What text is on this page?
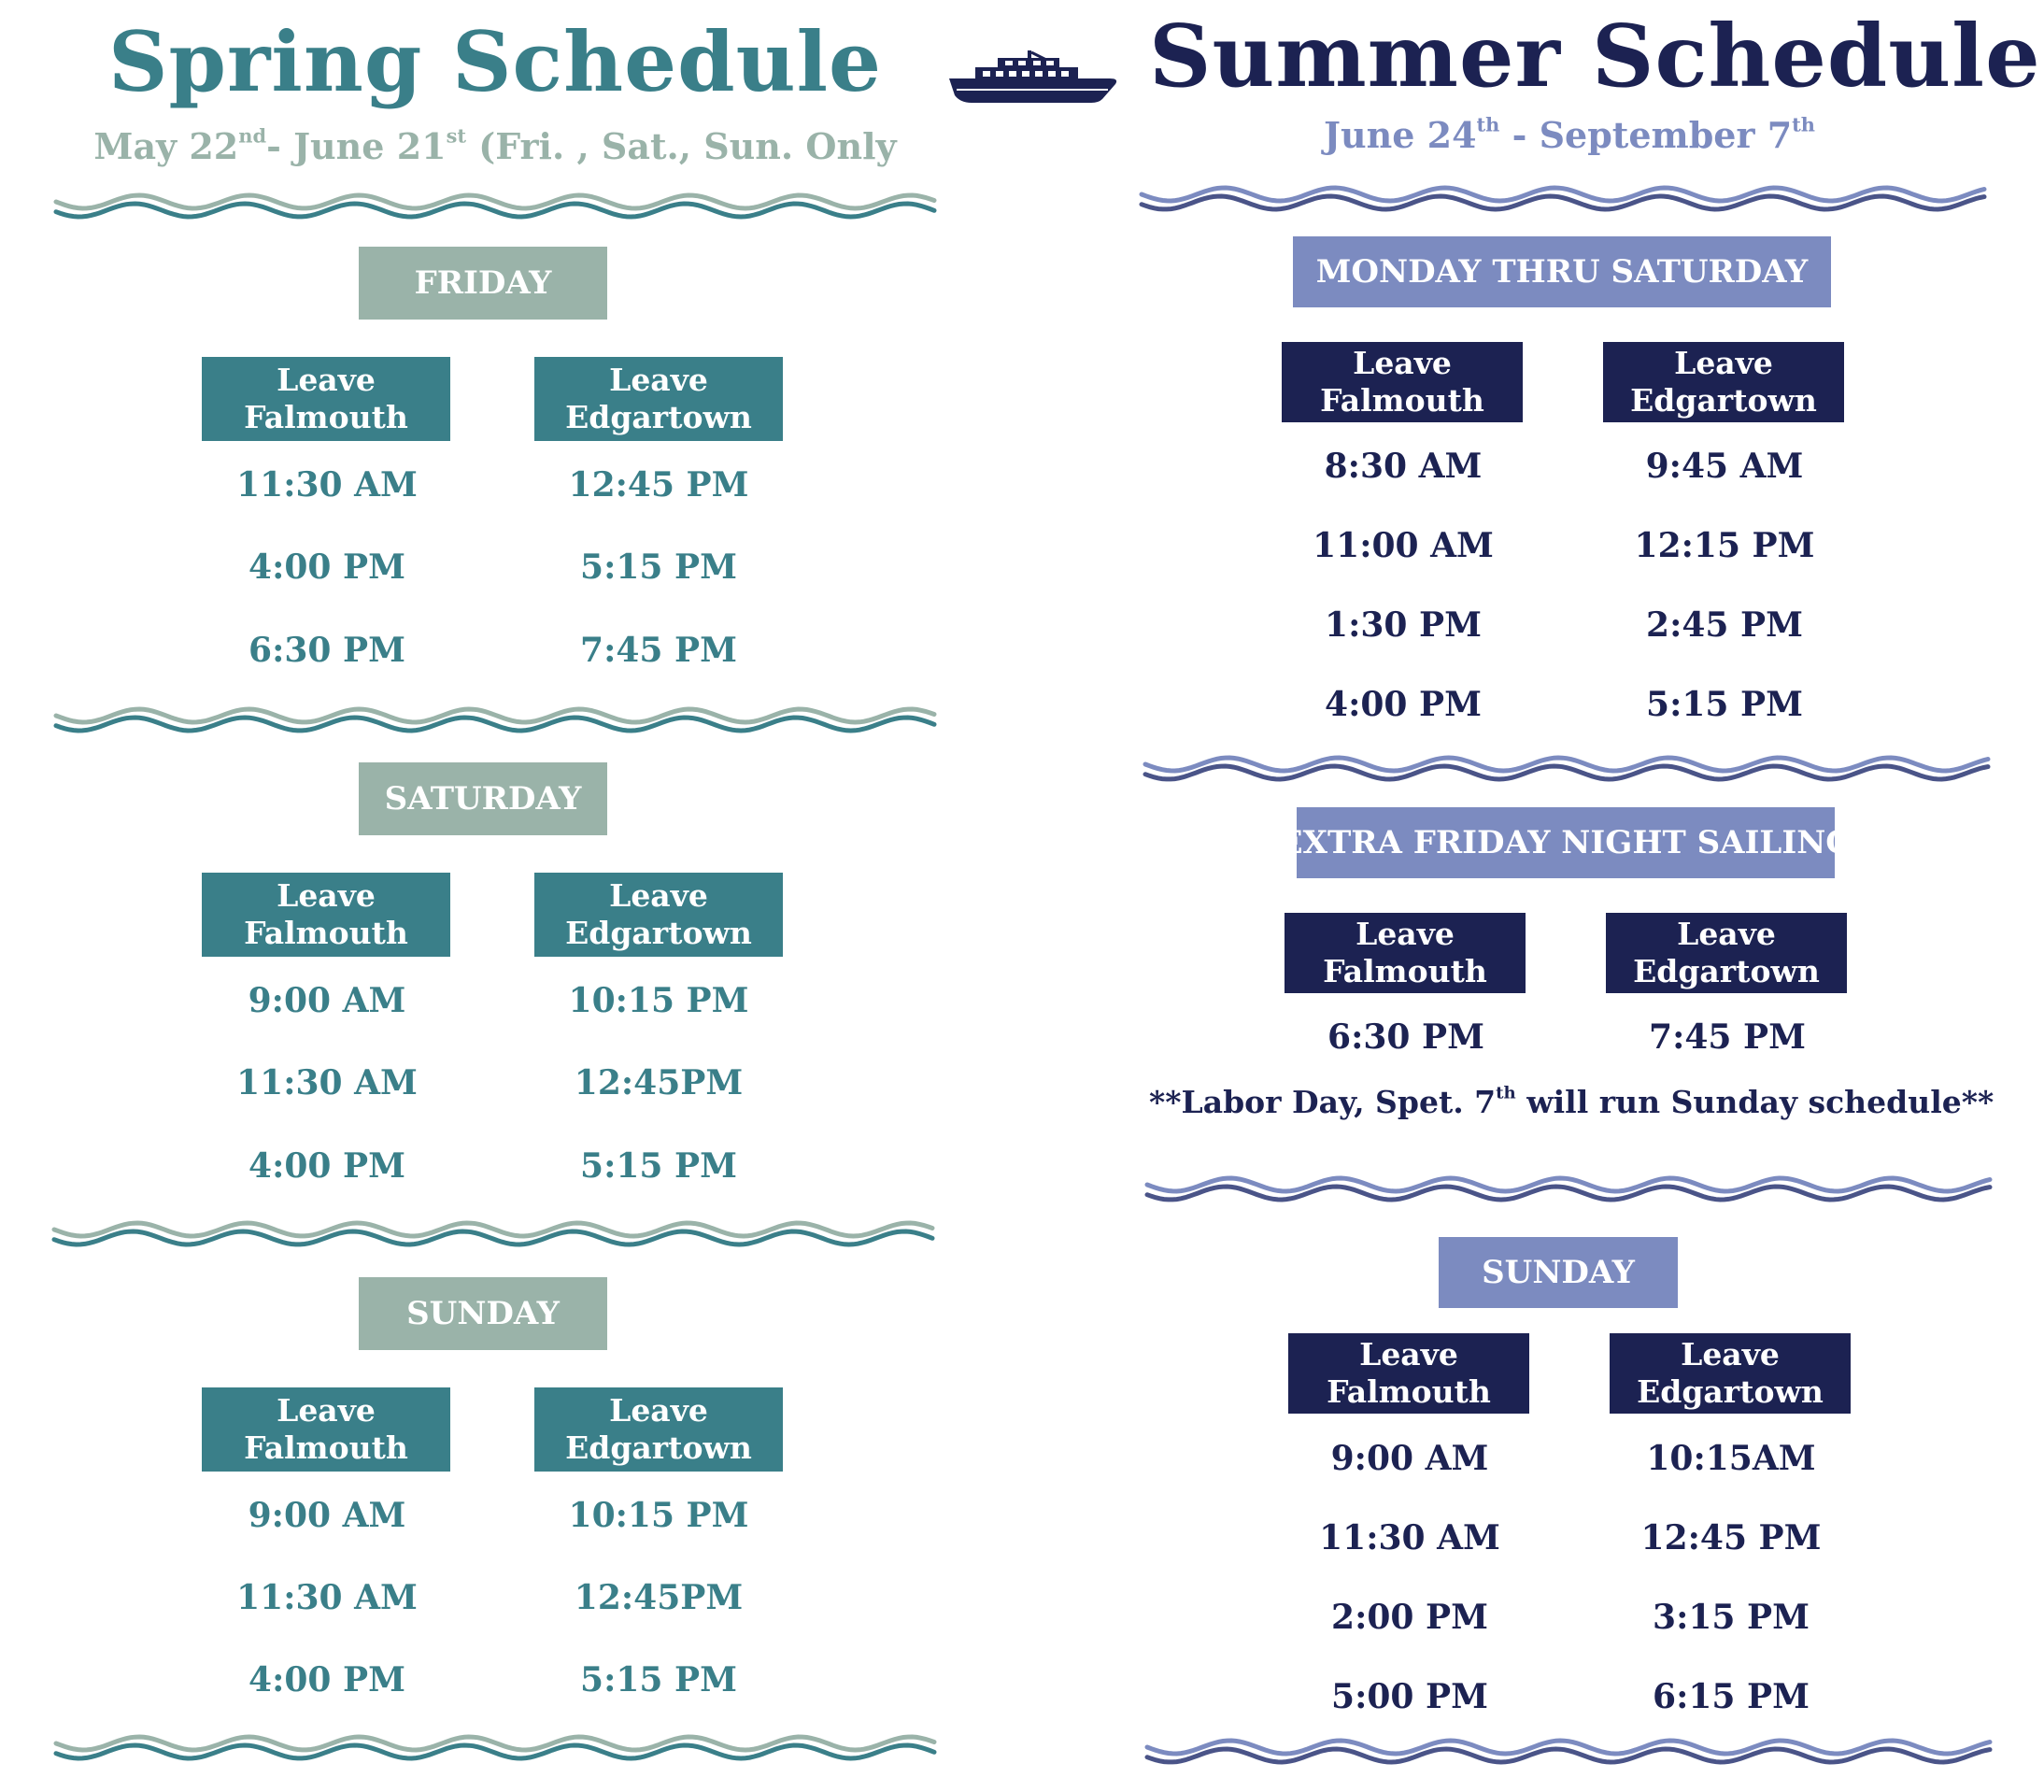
Spring Schedule
May 22nd- June 21st (Fri. , Sat., Sun. Only
Summer Schedule
June 24th - September 7th
FRIDAY
Leave
Falmouth
Leave
Edgartown
11:30 AM	12:45 PM
4:00 PM	5:15 PM
6:30 PM	7:45 PM
SATURDAY
Leave
Falmouth
Leave
Edgartown
9:00 AM	10:15 PM
11:30 AM	12:45PM
4:00 PM	5:15 PM
SUNDAY
Leave
Falmouth
Leave
Edgartown
9:00 AM	10:15 PM
11:30 AM	12:45PM
4:00 PM	5:15 PM
MONDAY THRU SATURDAY
Leave
Falmouth
Leave
Edgartown
8:30 AM	9:45 AM
11:00 AM	12:15 PM
1:30 PM	2:45 PM
4:00 PM	5:15 PM
EXTRA FRIDAY NIGHT SAILING
Leave
Falmouth
Leave
Edgartown
6:30 PM	7:45 PM
**Labor Day, Spet. 7th will run Sunday schedule**
SUNDAY
Leave
Falmouth
Leave
Edgartown
9:00 AM	10:15AM
11:30 AM	12:45 PM
2:00 PM	3:15 PM
5:00 PM	6:15 PM
